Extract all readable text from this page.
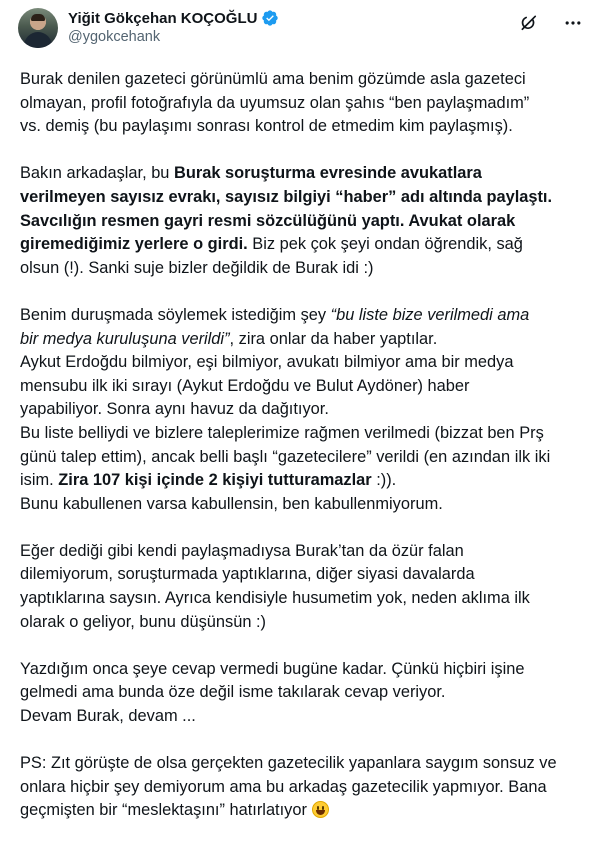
Yiğit Gökçehan KOÇOĞLU
@ygokcehank

Burak denilen gazeteci görünümlü ama benim gözümde asla gazeteci

olmayan, profil fotoğrafıyla da uyumsuz olan şahıs “ben paylaşmadım”

vs. demiş (bu paylaşımı sonrası kontrol de etmedim kim paylaşmış).

Bakın arkadaşlar, bu Burak soruşturma evresinde avukatlara

verilmeyen sayısız evrakı, sayısız bilgiyi “haber” adı altında paylaştı.

Savcılığın resmen gayri resmi sözcülüğünü yaptı. Avukat olarak

giremediğimiz yerlere o girdi. Biz pek çok şeyi ondan öğrendik, sağ

olsun (!). Sanki suje bizler değildik de Burak idi :)

Benim duruşmada söylemek istediğim şey “bu liste bize verilmedi ama

bir medya kuruluşuna verildi”, zira onlar da haber yaptılar.

Aykut Erdoğdu bilmiyor, eşi bilmiyor, avukatı bilmiyor ama bir medya

mensubu ilk iki sırayı (Aykut Erdoğdu ve Bulut Aydöner) haber

yapabiliyor. Sonra aynı havuz da dağıtıyor.

Bu liste belliydi ve bizlere taleplerimize rağmen verilmedi (bizzat ben Prş

günü talep ettim), ancak belli başlı “gazetecilere” verildi (en azından ilk iki

isim. Zira 107 kişi içinde 2 kişiyi tutturamazlar :)).

Bunu kabullenen varsa kabullensin, ben kabullenmiyorum.

Eğer dediği gibi kendi paylaşmadıysa Burak’tan da özür falan

dilemiyorum, soruşturmada yaptıklarına, diğer siyasi davalarda

yaptıklarına saysın. Ayrıca kendisiyle husumetim yok, neden aklıma ilk

olarak o geliyor, bunu düşünsün :)

Yazdığım onca şeye cevap vermedi bugüne kadar. Çünkü hiçbiri işine

gelmedi ama bunda öze değil isme takılarak cevap veriyor.

Devam Burak, devam ...

PS: Zıt görüşte de olsa gerçekten gazetecilik yapanlara saygım sonsuz ve

onlara hiçbir şey demiyorum ama bu arkadaş gazetecilik yapmıyor. Bana

geçmişten bir “meslektaşını” hatırlatıyor
